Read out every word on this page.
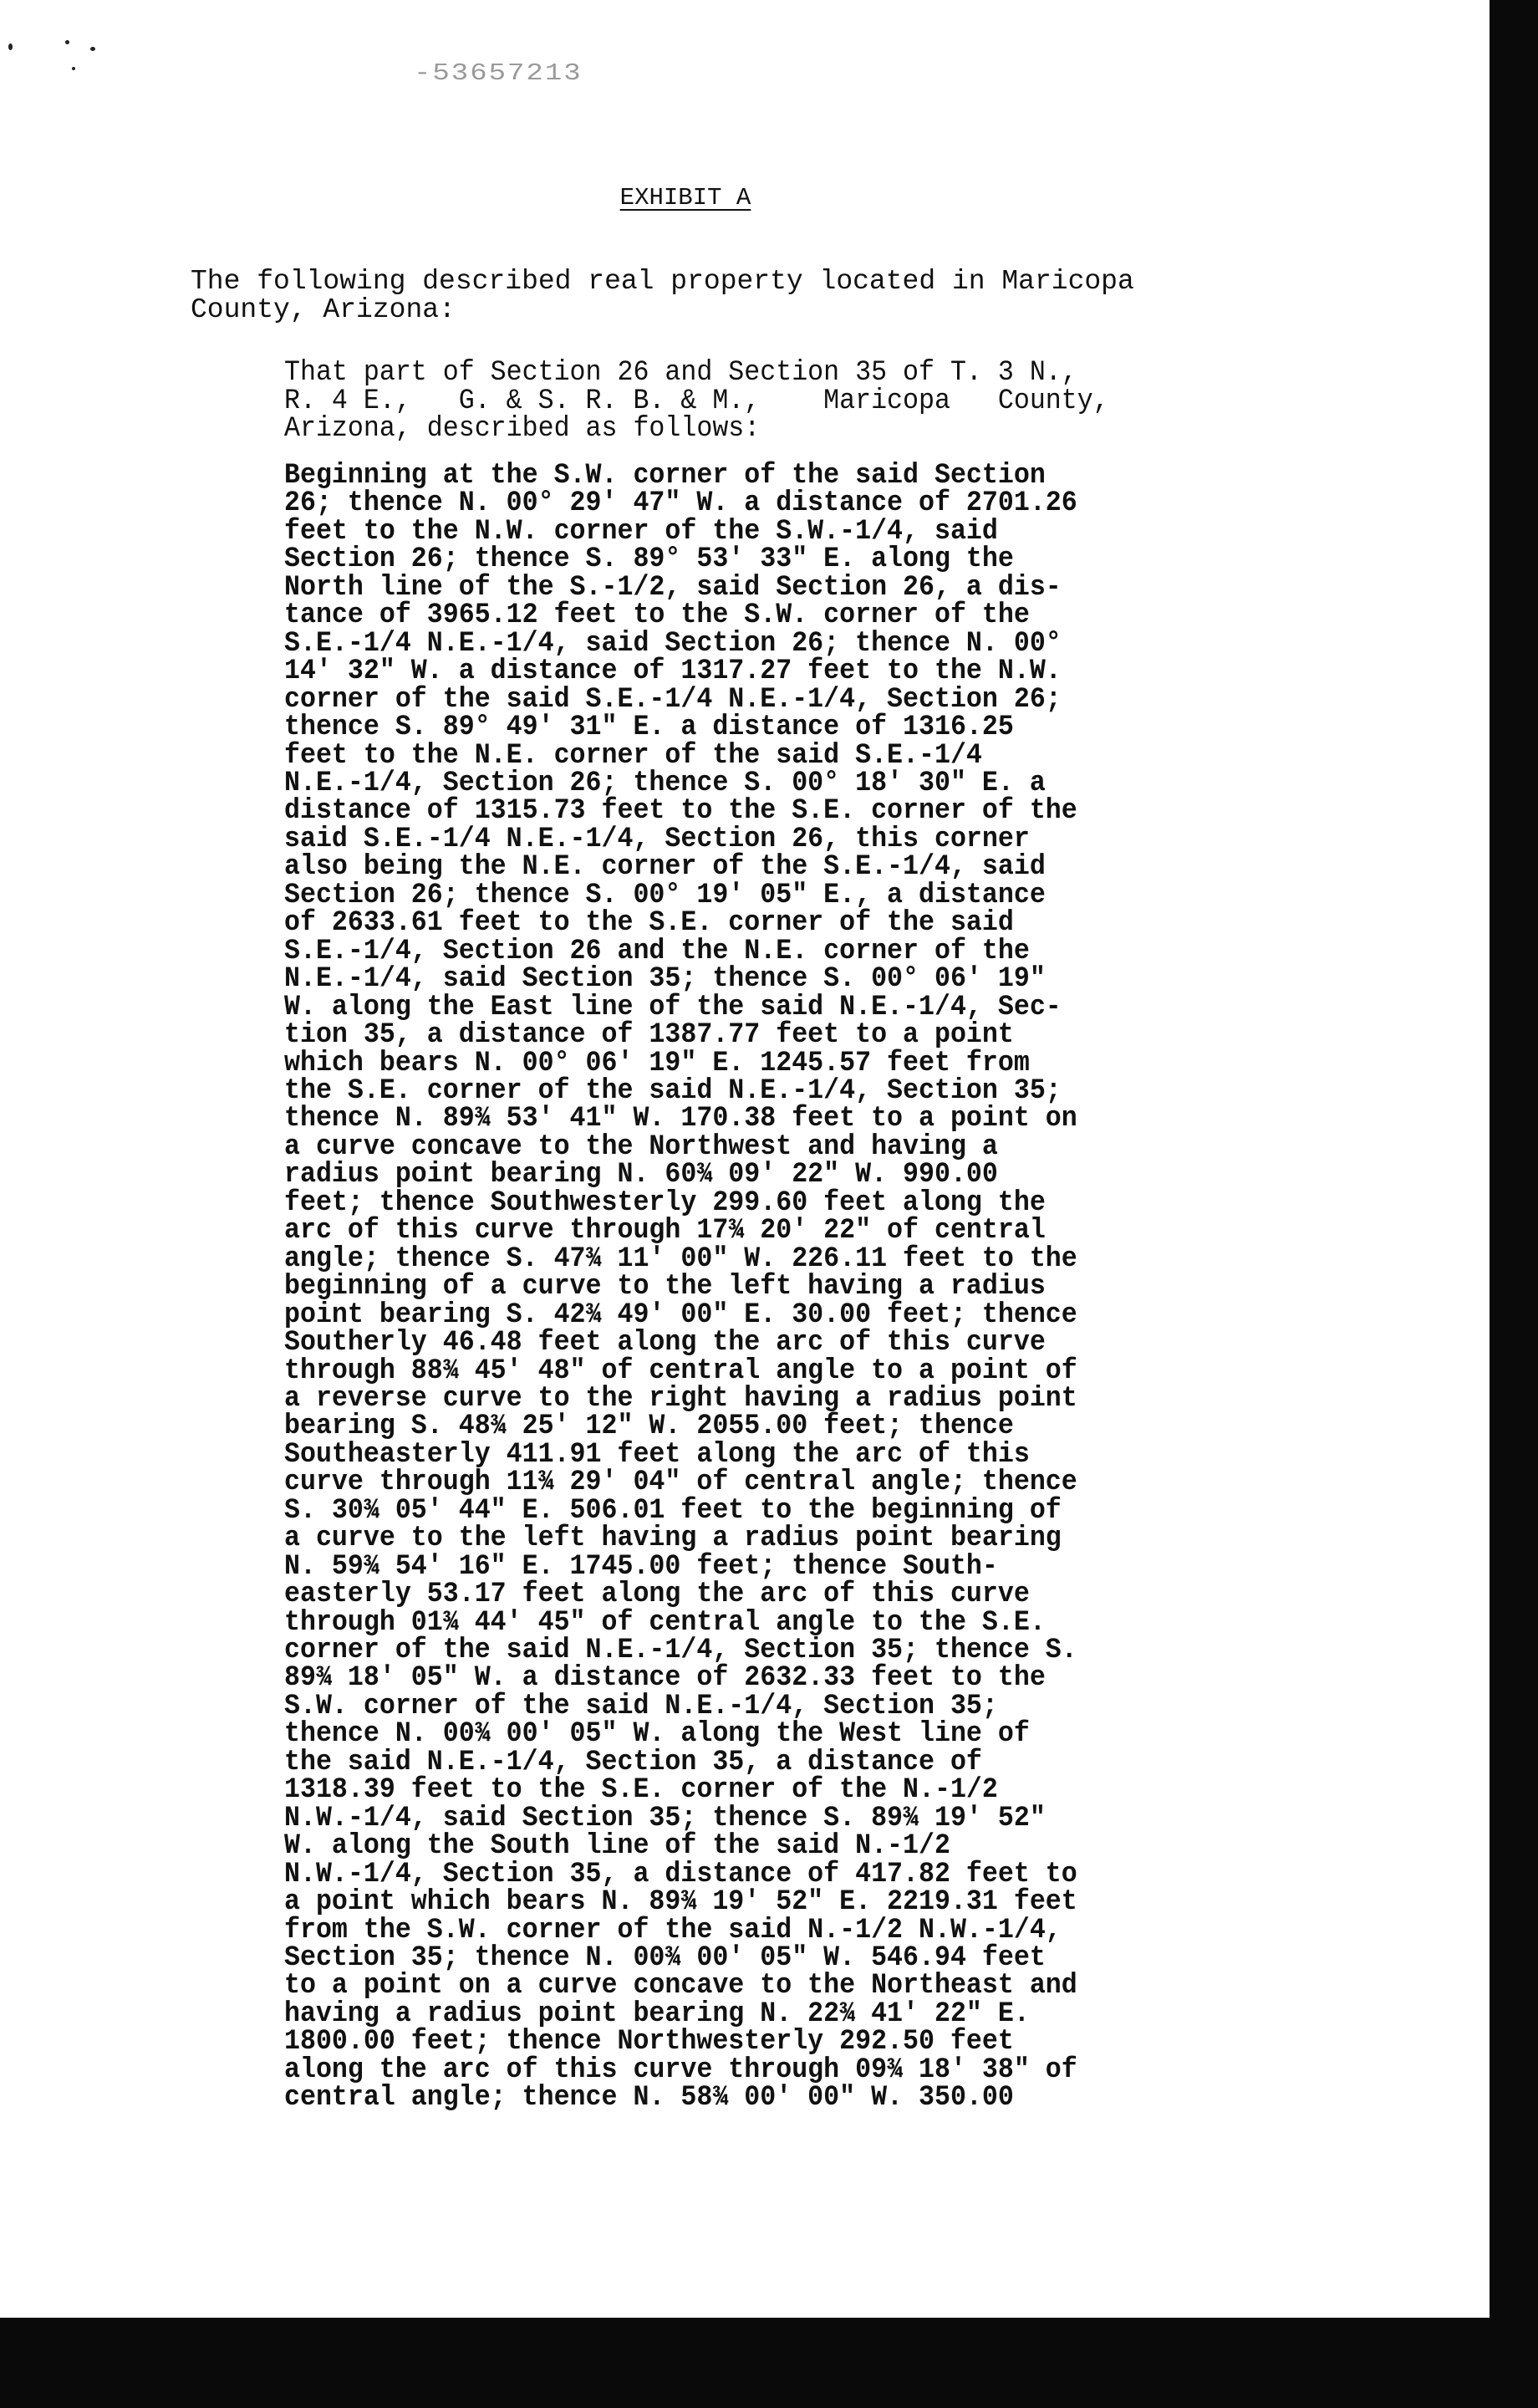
-53657213
EXHIBIT A
The following described real property located in Maricopa
County, Arizona:
That part of Section 26 and Section 35 of T. 3 N.,
R. 4 E.,   G. & S. R. B. & M.,    Maricopa   County,
Arizona, described as follows:
Beginning at the S.W. corner of the said Section
26; thence N. 00° 29' 47" W. a distance of 2701.26
feet to the N.W. corner of the S.W.-1/4, said
Section 26; thence S. 89° 53' 33" E. along the
North line of the S.-1/2, said Section 26, a dis-
tance of 3965.12 feet to the S.W. corner of the
S.E.-1/4 N.E.-1/4, said Section 26; thence N. 00°
14' 32" W. a distance of 1317.27 feet to the N.W.
corner of the said S.E.-1/4 N.E.-1/4, Section 26;
thence S. 89° 49' 31" E. a distance of 1316.25
feet to the N.E. corner of the said S.E.-1/4
N.E.-1/4, Section 26; thence S. 00° 18' 30" E. a
distance of 1315.73 feet to the S.E. corner of the
said S.E.-1/4 N.E.-1/4, Section 26, this corner
also being the N.E. corner of the S.E.-1/4, said
Section 26; thence S. 00° 19' 05" E., a distance
of 2633.61 feet to the S.E. corner of the said
S.E.-1/4, Section 26 and the N.E. corner of the
N.E.-1/4, said Section 35; thence S. 00° 06' 19"
W. along the East line of the said N.E.-1/4, Sec-
tion 35, a distance of 1387.77 feet to a point
which bears N. 00° 06' 19" E. 1245.57 feet from
the S.E. corner of the said N.E.-1/4, Section 35;
thence N. 89¾ 53' 41" W. 170.38 feet to a point on
a curve concave to the Northwest and having a
radius point bearing N. 60¾ 09' 22" W. 990.00
feet; thence Southwesterly 299.60 feet along the
arc of this curve through 17¾ 20' 22" of central
angle; thence S. 47¾ 11' 00" W. 226.11 feet to the
beginning of a curve to the left having a radius
point bearing S. 42¾ 49' 00" E. 30.00 feet; thence
Southerly 46.48 feet along the arc of this curve
through 88¾ 45' 48" of central angle to a point of
a reverse curve to the right having a radius point
bearing S. 48¾ 25' 12" W. 2055.00 feet; thence
Southeasterly 411.91 feet along the arc of this
curve through 11¾ 29' 04" of central angle; thence
S. 30¾ 05' 44" E. 506.01 feet to the beginning of
a curve to the left having a radius point bearing
N. 59¾ 54' 16" E. 1745.00 feet; thence South-
easterly 53.17 feet along the arc of this curve
through 01¾ 44' 45" of central angle to the S.E.
corner of the said N.E.-1/4, Section 35; thence S.
89¾ 18' 05" W. a distance of 2632.33 feet to the
S.W. corner of the said N.E.-1/4, Section 35;
thence N. 00¾ 00' 05" W. along the West line of
the said N.E.-1/4, Section 35, a distance of
1318.39 feet to the S.E. corner of the N.-1/2
N.W.-1/4, said Section 35; thence S. 89¾ 19' 52"
W. along the South line of the said N.-1/2
N.W.-1/4, Section 35, a distance of 417.82 feet to
a point which bears N. 89¾ 19' 52" E. 2219.31 feet
from the S.W. corner of the said N.-1/2 N.W.-1/4,
Section 35; thence N. 00¾ 00' 05" W. 546.94 feet
to a point on a curve concave to the Northeast and
having a radius point bearing N. 22¾ 41' 22" E.
1800.00 feet; thence Northwesterly 292.50 feet
along the arc of this curve through 09¾ 18' 38" of
central angle; thence N. 58¾ 00' 00" W. 350.00
